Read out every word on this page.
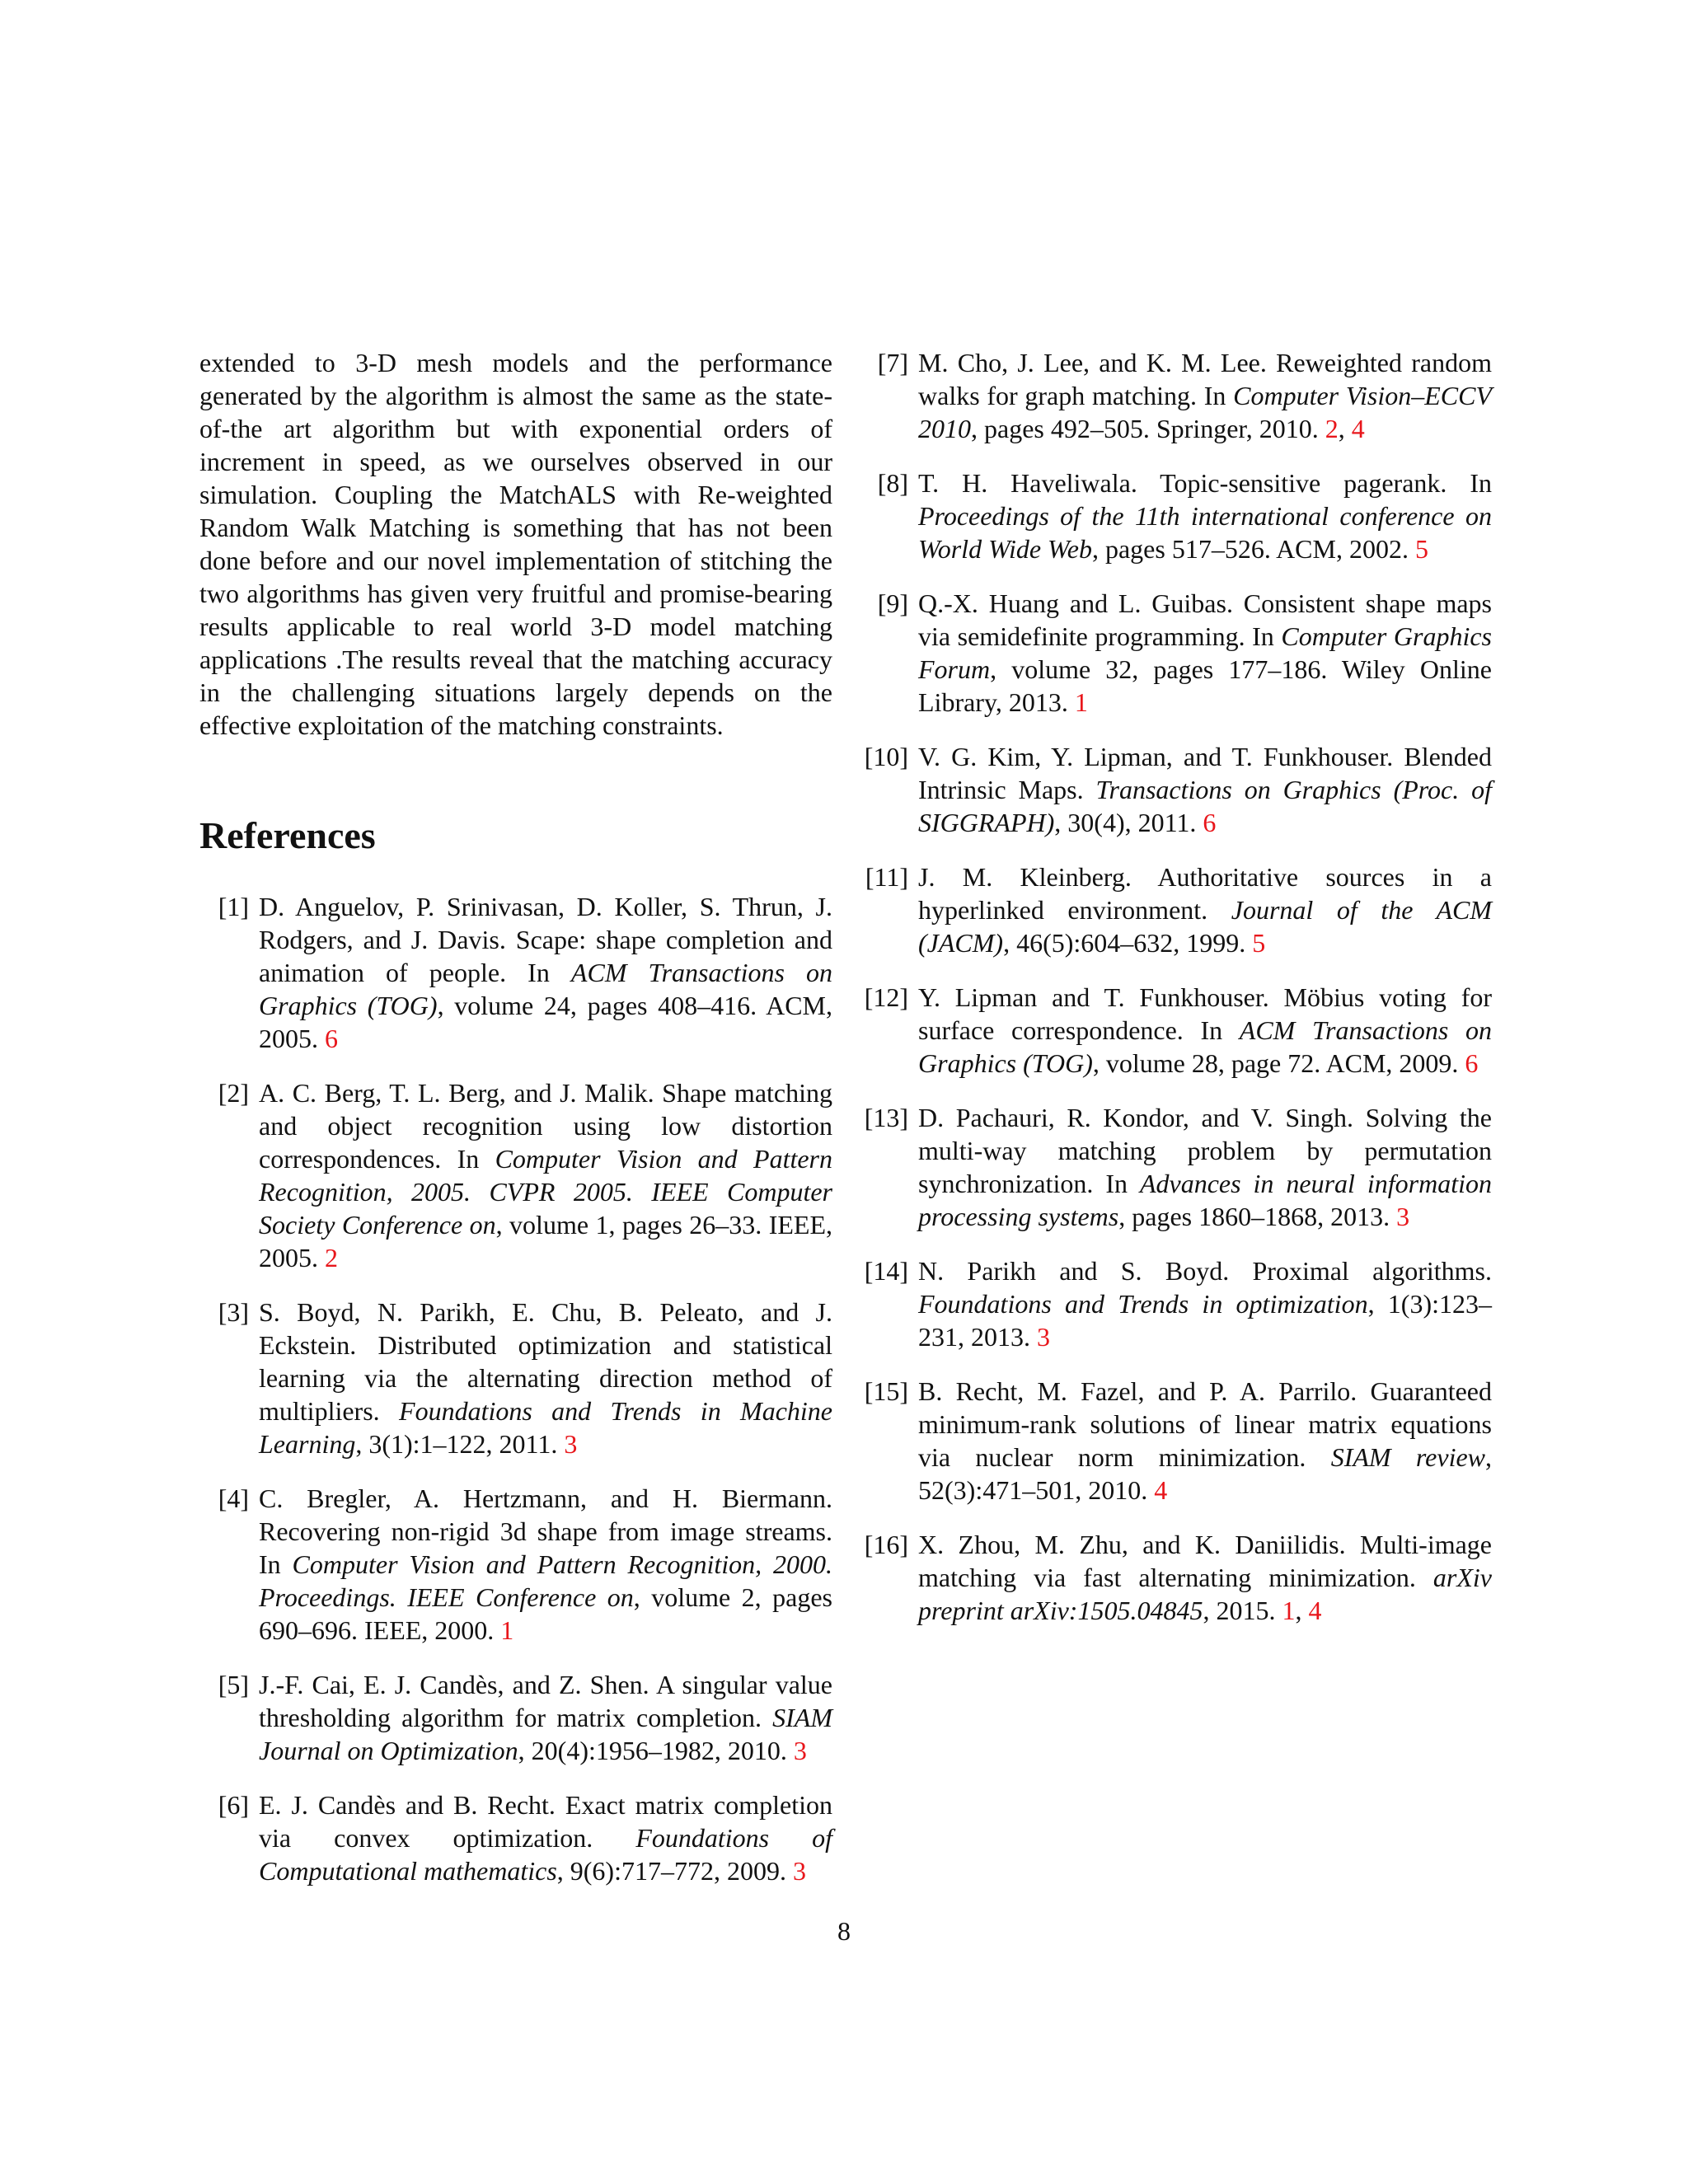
extended to 3-D mesh models and the performance generated by the algorithm is almost the same as the state-of-the art algorithm but with exponential orders of increment in speed, as we ourselves observed in our simulation. Coupling the MatchALS with Re-weighted Random Walk Matching is something that has not been done before and our novel implementation of stitching the two algorithms has given very fruitful and promise-bearing results applicable to real world 3-D model matching applications .The results reveal that the matching accuracy in the challenging situations largely depends on the effective exploitation of the matching constraints.

References
[1] D. Anguelov, P. Srinivasan, D. Koller, S. Thrun, J. Rodgers, and J. Davis. Scape: shape completion and animation of people. In ACM Transactions on Graphics (TOG), volume 24, pages 408–416. ACM, 2005. 6
[2] A. C. Berg, T. L. Berg, and J. Malik. Shape matching and object recognition using low distortion correspondences. In Computer Vision and Pattern Recognition, 2005. CVPR 2005. IEEE Computer Society Conference on, volume 1, pages 26–33. IEEE, 2005. 2
[3] S. Boyd, N. Parikh, E. Chu, B. Peleato, and J. Eckstein. Distributed optimization and statistical learning via the alternating direction method of multipliers. Foundations and Trends in Machine Learning, 3(1):1–122, 2011. 3
[4] C. Bregler, A. Hertzmann, and H. Biermann. Recovering non-rigid 3d shape from image streams. In Computer Vision and Pattern Recognition, 2000. Proceedings. IEEE Conference on, volume 2, pages 690–696. IEEE, 2000. 1
[5] J.-F. Cai, E. J. Candès, and Z. Shen. A singular value thresholding algorithm for matrix completion. SIAM Journal on Optimization, 20(4):1956–1982, 2010. 3
[6] E. J. Candès and B. Recht. Exact matrix completion via convex optimization. Foundations of Computational mathematics, 9(6):717–772, 2009. 3
[7] M. Cho, J. Lee, and K. M. Lee. Reweighted random walks for graph matching. In Computer Vision–ECCV 2010, pages 492–505. Springer, 2010. 2, 4
[8] T. H. Haveliwala. Topic-sensitive pagerank. In Proceedings of the 11th international conference on World Wide Web, pages 517–526. ACM, 2002. 5
[9] Q.-X. Huang and L. Guibas. Consistent shape maps via semidefinite programming. In Computer Graphics Forum, volume 32, pages 177–186. Wiley Online Library, 2013. 1
[10] V. G. Kim, Y. Lipman, and T. Funkhouser. Blended Intrinsic Maps. Transactions on Graphics (Proc. of SIGGRAPH), 30(4), 2011. 6
[11] J. M. Kleinberg. Authoritative sources in a hyperlinked environment. Journal of the ACM (JACM), 46(5):604–632, 1999. 5
[12] Y. Lipman and T. Funkhouser. Möbius voting for surface correspondence. In ACM Transactions on Graphics (TOG), volume 28, page 72. ACM, 2009. 6
[13] D. Pachauri, R. Kondor, and V. Singh. Solving the multi-way matching problem by permutation synchronization. In Advances in neural information processing systems, pages 1860–1868, 2013. 3
[14] N. Parikh and S. Boyd. Proximal algorithms. Foundations and Trends in optimization, 1(3):123–231, 2013. 3
[15] B. Recht, M. Fazel, and P. A. Parrilo. Guaranteed minimum-rank solutions of linear matrix equations via nuclear norm minimization. SIAM review, 52(3):471–501, 2010. 4
[16] X. Zhou, M. Zhu, and K. Daniilidis. Multi-image matching via fast alternating minimization. arXiv preprint arXiv:1505.04845, 2015. 1, 4
8
